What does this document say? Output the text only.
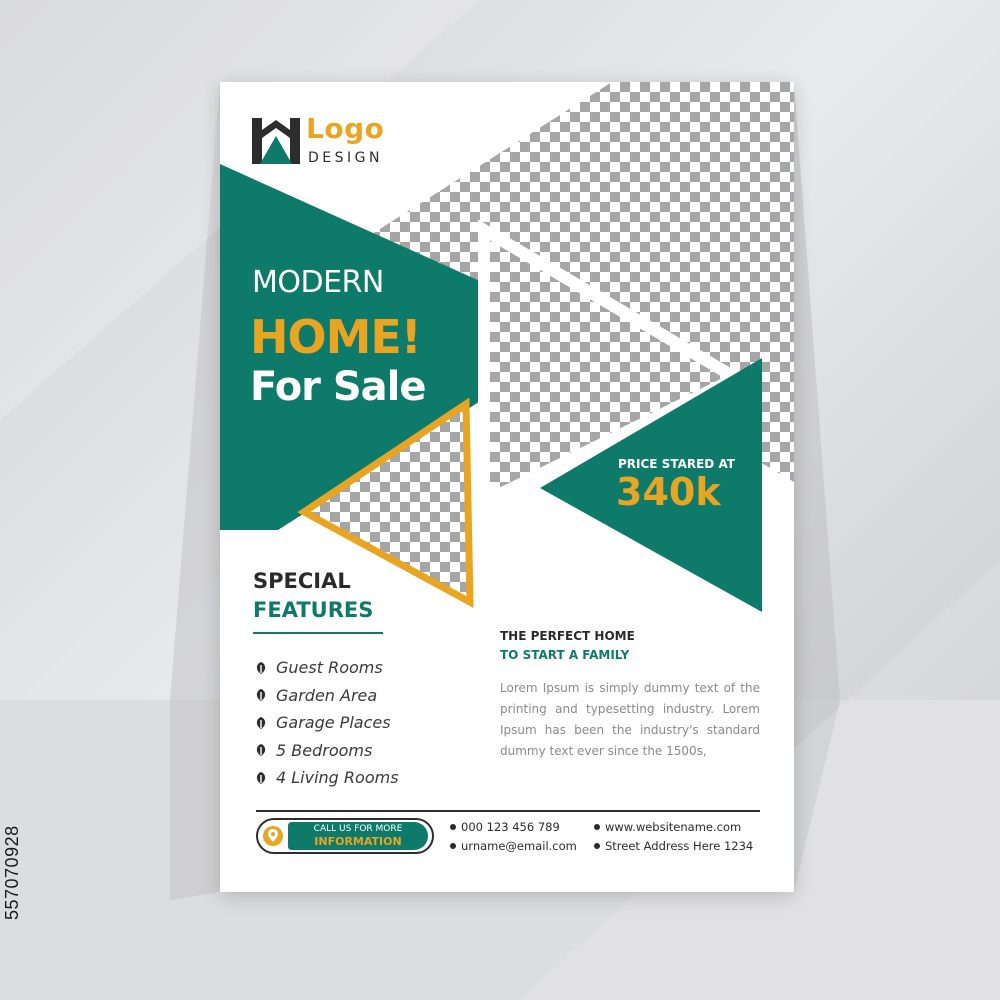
557070928
Logo
DESIGN
MODERN
HOME!
For Sale
PRICE STARED AT
340k
SPECIAL
FEATURES
Guest Rooms
Garden Area
Garage Places
5 Bedrooms
4 Living Rooms
THE PERFECT HOME
TO START A FAMILY
Lorem Ipsum is simply dummy text of the printing and typesetting industry. Lorem Ipsum has been the industry's standard dummy text ever since the 1500s,
CALL US FOR MORE
INFORMATION
000 123 456 789	www.websitename.com
urname@email.com Street Address Here 1234
